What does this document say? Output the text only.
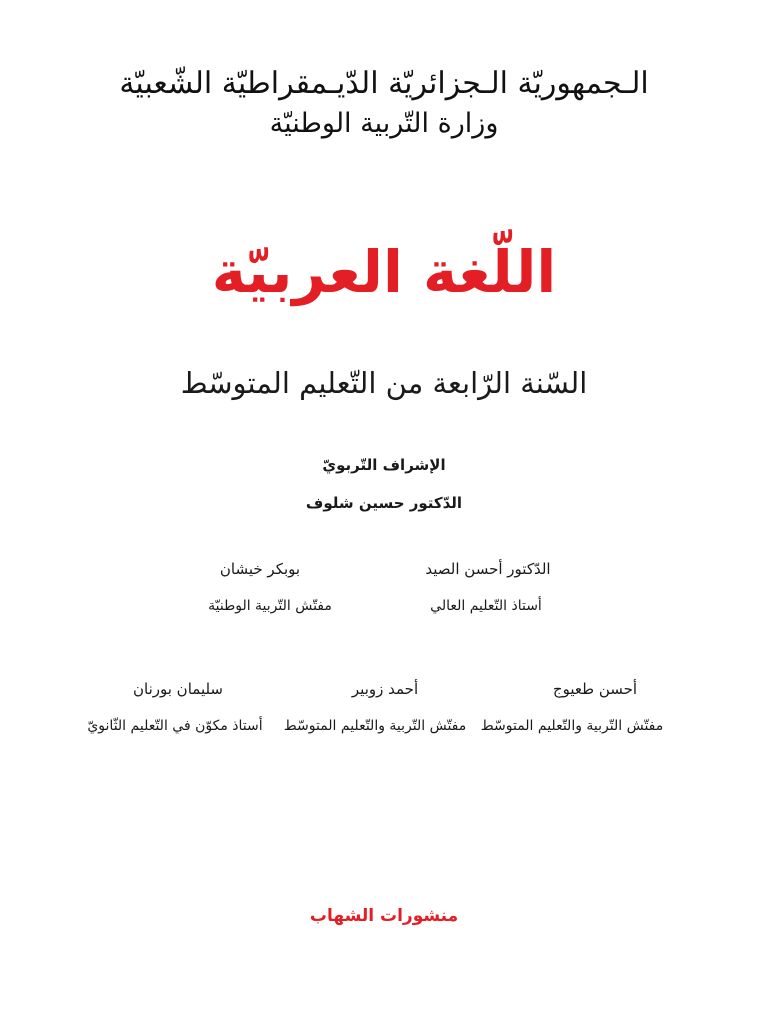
الـجمهوريّة الـجزائريّة الدّيـمقراطيّة الشّعبيّة
وزارة التّربية الوطنيّة
اللّغة العربيّة
السّنة الرّابعة من التّعليم المتوسّط
الإشراف التّربويّ
الدّكتور حسين شلوف
الدّكتور أحسن الصيد
أستاذ التّعليم العالي
بوبكر خيشان
مفتّش التّربية الوطنيّة
أحسن طعيوج
مفتّش التّربية والتّعليم المتوسّط
أحمد زوبير
مفتّش التّربية والتّعليم المتوسّط
سليمان بورنان
أستاذ مكوّن في التّعليم الثّانويّ
منشورات الشهاب
